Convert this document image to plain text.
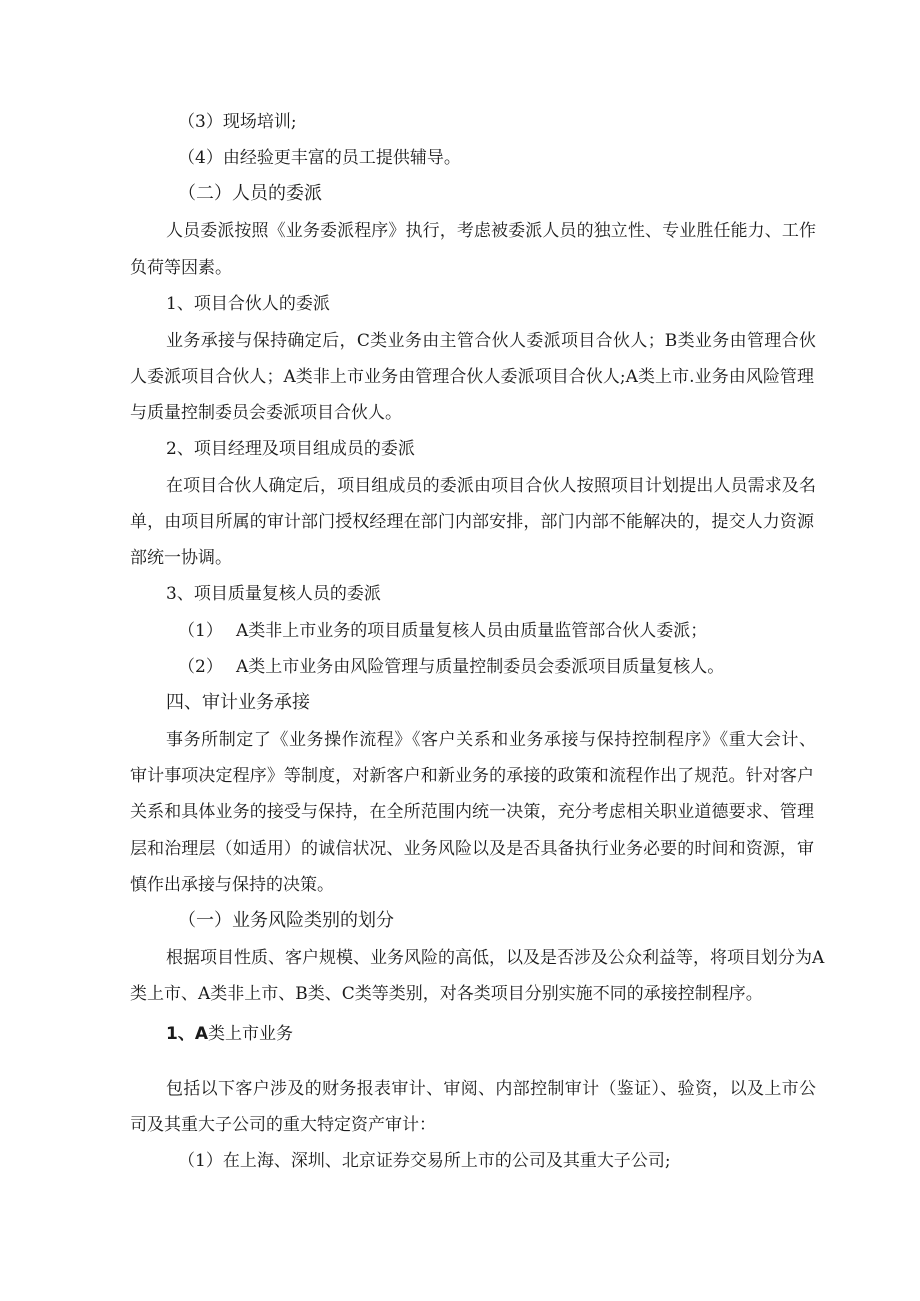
（3）现场培训;

（4）由经验更丰富的员工提供辅导。

（二）人员的委派

人员委派按照《业务委派程序》执行，考虑被委派人员的独立性、专业胜任能力、工作

负荷等因素。

1、项目合伙人的委派

业务承接与保持确定后，C类业务由主管合伙人委派项目合伙人；B类业务由管理合伙

人委派项目合伙人；A类非上市业务由管理合伙人委派项目合伙人;A类上市.业务由风险管理

与质量控制委员会委派项目合伙人。

2、项目经理及项目组成员的委派

在项目合伙人确定后，项目组成员的委派由项目合伙人按照项目计划提出人员需求及名

单，由项目所属的审计部门授权经理在部门内部安排，部门内部不能解决的，提交人力资源

部统一协调。

3、项目质量复核人员的委派

（1） A类非上市业务的项目质量复核人员由质量监管部合伙人委派；

（2） A类上市业务由风险管理与质量控制委员会委派项目质量复核人。

四、审计业务承接

事务所制定了《业务操作流程》《客户关系和业务承接与保持控制程序》《重大会计、

审计事项决定程序》等制度，对新客户和新业务的承接的政策和流程作出了规范。针对客户

关系和具体业务的接受与保持，在全所范围内统一决策，充分考虑相关职业道德要求、管理

层和治理层（如适用）的诚信状况、业务风险以及是否具备执行业务必要的时间和资源，审

慎作出承接与保持的决策。

（一）业务风险类别的划分

根据项目性质、客户规模、业务风险的高低，以及是否涉及公众利益等，将项目划分为A

类上市、A类非上市、B类、C类等类别，对各类项目分别实施不同的承接控制程序。

1、A类上市业务

包括以下客户涉及的财务报表审计、审阅、内部控制审计（鉴证）、验资，以及上市公

司及其重大子公司的重大特定资产审计：

（1）在上海、深圳、北京证券交易所上市的公司及其重大子公司;
